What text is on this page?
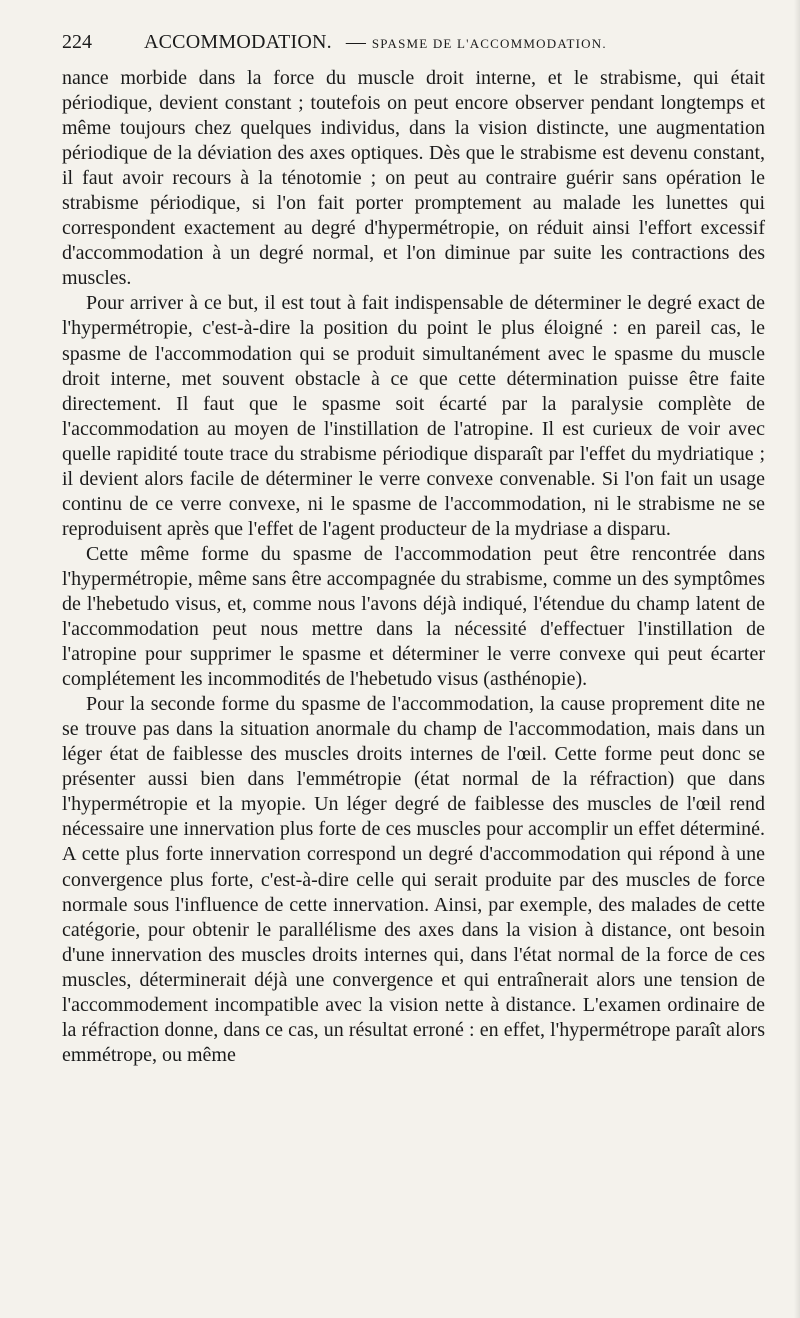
224	ACCOMMODATION. — SPASME DE L'ACCOMMODATION.

nance morbide dans la force du muscle droit interne, et le strabisme, qui était périodique, devient constant ; toutefois on peut encore observer pendant longtemps et même toujours chez quelques individus, dans la vision distincte, une augmentation périodique de la déviation des axes optiques. Dès que le strabisme est devenu constant, il faut avoir recours à la ténotomie ; on peut au contraire guérir sans opération le strabisme périodique, si l'on fait porter promptement au malade les lunettes qui correspondent exactement au degré d'hypermétropie, on réduit ainsi l'effort excessif d'accommodation à un degré normal, et l'on diminue par suite les contractions des muscles.

Pour arriver à ce but, il est tout à fait indispensable de déterminer le degré exact de l'hypermétropie, c'est-à-dire la position du point le plus éloigné : en pareil cas, le spasme de l'accommodation qui se produit simultanément avec le spasme du muscle droit interne, met souvent obstacle à ce que cette détermination puisse être faite directement. Il faut que le spasme soit écarté par la paralysie complète de l'accommodation au moyen de l'instillation de l'atropine. Il est curieux de voir avec quelle rapidité toute trace du strabisme périodique disparaît par l'effet du mydriatique ; il devient alors facile de déterminer le verre convexe convenable. Si l'on fait un usage continu de ce verre convexe, ni le spasme de l'accommodation, ni le strabisme ne se reproduisent après que l'effet de l'agent producteur de la mydriase a disparu.

Cette même forme du spasme de l'accommodation peut être rencontrée dans l'hypermétropie, même sans être accompagnée du strabisme, comme un des symptômes de l'hebetudo visus, et, comme nous l'avons déjà indiqué, l'étendue du champ latent de l'accommodation peut nous mettre dans la nécessité d'effectuer l'instillation de l'atropine pour supprimer le spasme et déterminer le verre convexe qui peut écarter complétement les incommodités de l'hebetudo visus (asthénopie).

Pour la seconde forme du spasme de l'accommodation, la cause proprement dite ne se trouve pas dans la situation anormale du champ de l'accommodation, mais dans un léger état de faiblesse des muscles droits internes de l'œil. Cette forme peut donc se présenter aussi bien dans l'emmétropie (état normal de la réfraction) que dans l'hypermétropie et la myopie. Un léger degré de faiblesse des muscles de l'œil rend nécessaire une innervation plus forte de ces muscles pour accomplir un effet déterminé. A cette plus forte innervation correspond un degré d'accommodation qui répond à une convergence plus forte, c'est-à-dire celle qui serait produite par des muscles de force normale sous l'influence de cette innervation. Ainsi, par exemple, des malades de cette catégorie, pour obtenir le parallélisme des axes dans la vision à distance, ont besoin d'une innervation des muscles droits internes qui, dans l'état normal de la force de ces muscles, déterminerait déjà une convergence et qui entraînerait alors une tension de l'accommodement incompatible avec la vision nette à distance. L'examen ordinaire de la réfraction donne, dans ce cas, un résultat erroné : en effet, l'hypermétrope paraît alors emmétrope, ou même
